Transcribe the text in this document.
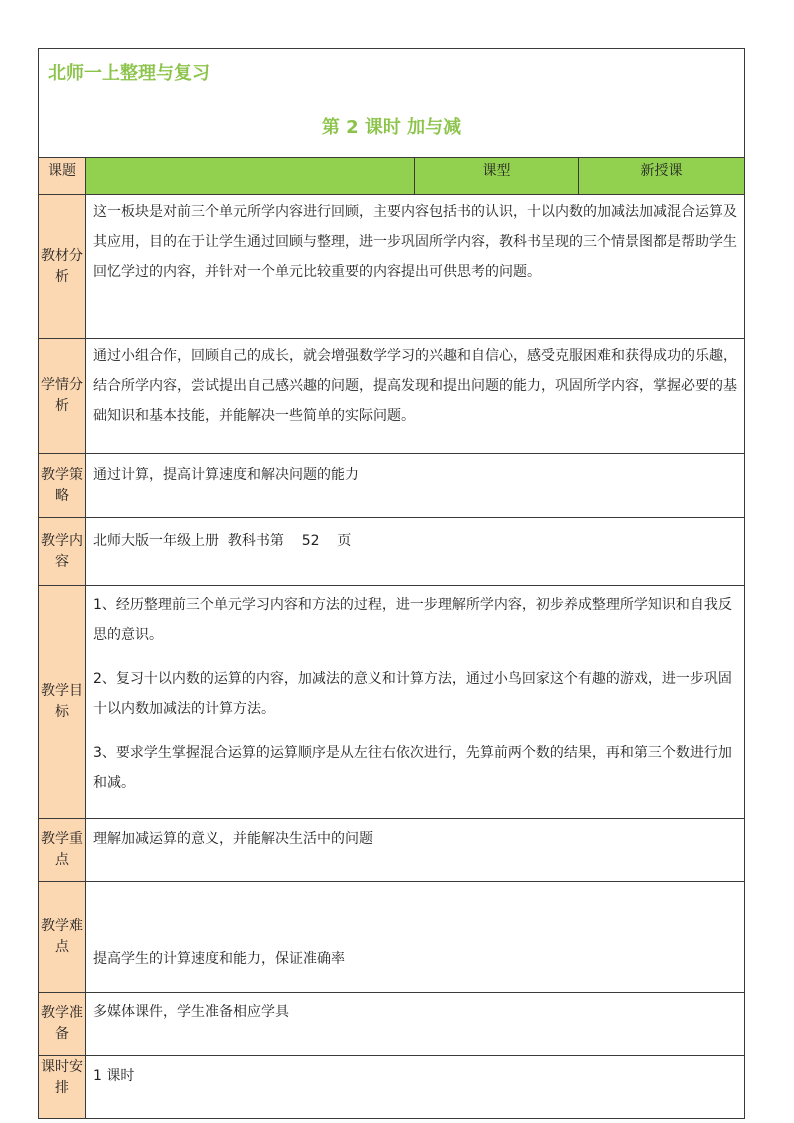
北师一上整理与复习
第 2 课时 加与减			

课题		课型	新授课
教材分析	这一板块是对前三个单元所学内容进行回顾，主要内容包括书的认识，十以内数的加减法加减混合运算及其应用，目的在于让学生通过回顾与整理，进一步巩固所学内容，教科书呈现的三个情景图都是帮助学生回忆学过的内容，并针对一个单元比较重要的内容提出可供思考的问题。		
学情分析	通过小组合作，回顾自己的成长，就会增强数学学习的兴趣和自信心，感受克服困难和获得成功的乐趣，结合所学内容，尝试提出自己感兴趣的问题，提高发现和提出问题的能力，巩固所学内容，掌握必要的基础知识和基本技能，并能解决一些简单的实际问题。		
教学策略	通过计算，提高计算速度和解决问题的能力		
教学内容	北师大版一年级上册  教科书第    52    页		
教学目标	1、经历整理前三个单元学习内容和方法的过程，进一步理解所学内容，初步养成整理所学知识和自我反思的意识。

2、复习十以内数的运算的内容，加减法的意义和计算方法，通过小鸟回家这个有趣的游戏，进一步巩固十以内数加减法的计算方法。

3、要求学生掌握混合运算的运算顺序是从左往右依次进行，先算前两个数的结果，再和第三个数进行加和减。		

教学重点	理解加减运算的意义，并能解决生活中的问题		
教学难点	提高学生的计算速度和能力，保证准确率		
教学准备	多媒体课件，学生准备相应学具		
课时安排	1 课时		
